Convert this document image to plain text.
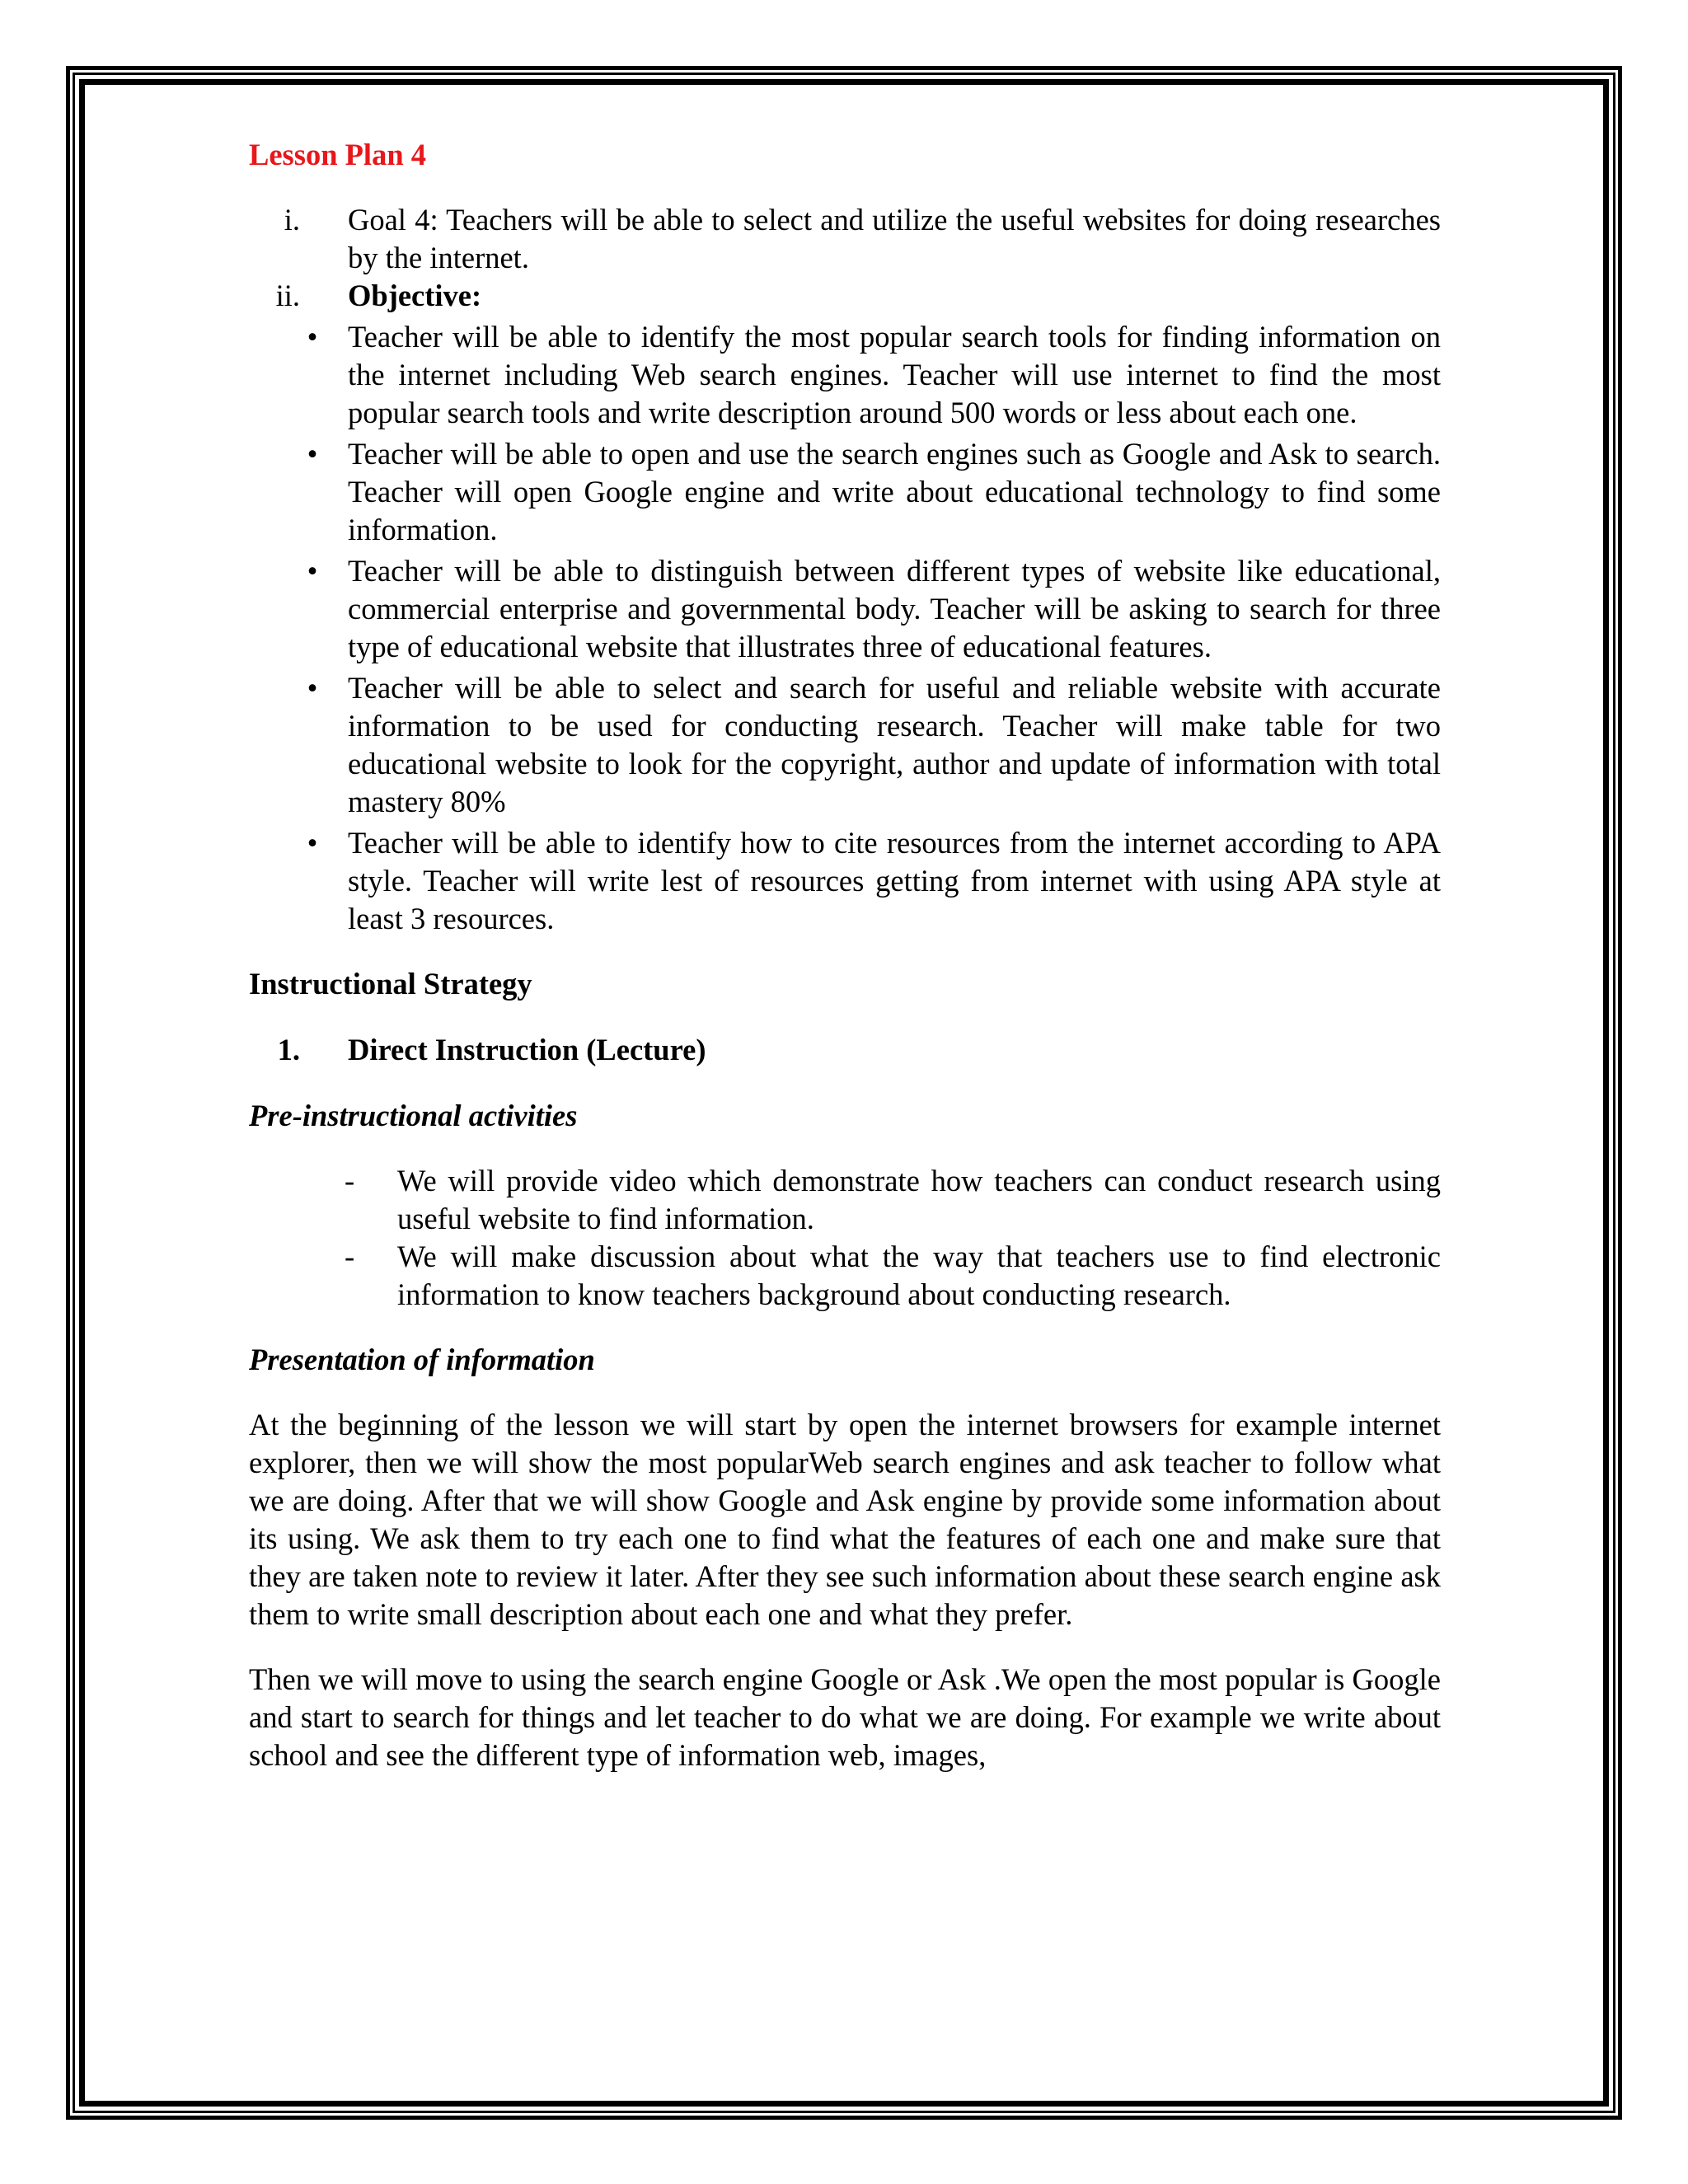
Lesson Plan 4
i. Goal 4: Teachers will be able to select and utilize the useful websites for doing researches by the internet.
ii. Objective:
• Teacher will be able to identify the most popular search tools for finding information on the internet including Web search engines. Teacher will use internet to find the most popular search tools and write description around 500 words or less about each one.
• Teacher will be able to open and use the search engines such as Google and Ask to search. Teacher will open Google engine and write about educational technology to find some information.
• Teacher will be able to distinguish between different types of website like educational, commercial enterprise and governmental body. Teacher will be asking to search for three type of educational website that illustrates three of educational features.
• Teacher will be able to select and search for useful and reliable website with accurate information to be used for conducting research. Teacher will make table for two educational website to look for the copyright, author and update of information with total mastery 80%
• Teacher will be able to identify how to cite resources from the internet according to APA style. Teacher will write lest of resources getting from internet with using APA style at least 3 resources.
Instructional Strategy
1. Direct Instruction (Lecture)
Pre-instructional activities
- We will provide video which demonstrate how teachers can conduct research using useful website to find information.
- We will make discussion about what the way that teachers use to find electronic information to know teachers background about conducting research.
Presentation of information

At the beginning of the lesson we will start by open the internet browsers for example internet explorer, then we will show the most popularWeb search engines and ask teacher to follow what we are doing. After that we will show Google and Ask engine by provide some information about its using. We ask them to try each one to find what the features of each one and make sure that they are taken note to review it later. After they see such information about these search engine ask them to write small description about each one and what they prefer.

Then we will move to using the search engine Google or Ask .We open the most popular is Google and start to search for things and let teacher to do what we are doing. For example we write about school and see the different type of information web, images,
